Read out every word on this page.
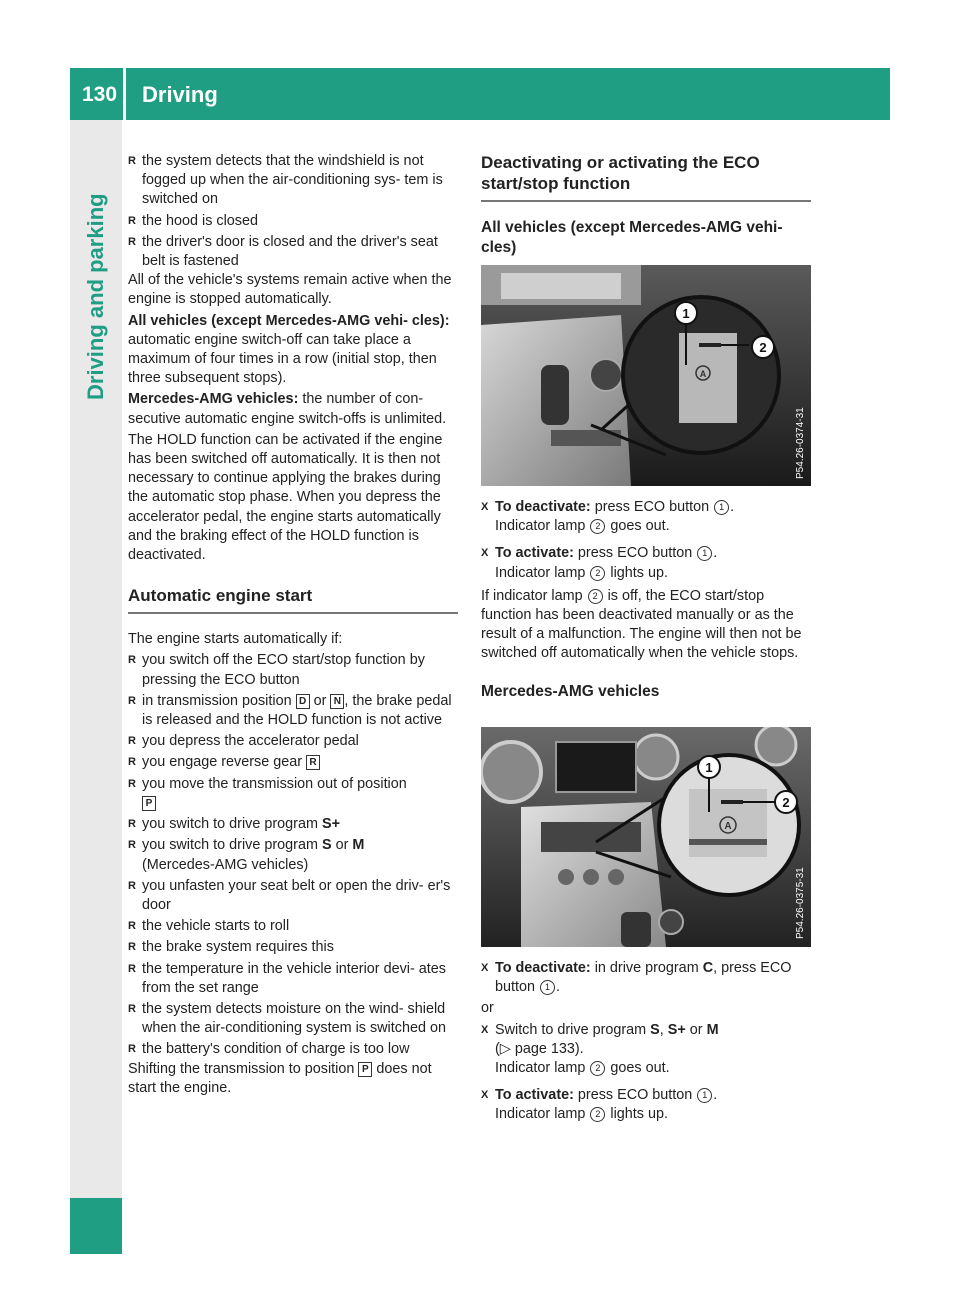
130 Driving
Driving and parking

R the system detects that the windshield is not fogged up when the air-conditioning sys- tem is switched on

R the hood is closed

R the driver's door is closed and the driver's seat belt is fastened

All of the vehicle's systems remain active when the engine is stopped automatically.

All vehicles (except Mercedes-AMG vehi- cles): automatic engine switch-off can take place a maximum of four times in a row (initial stop, then three subsequent stops).

Mercedes-AMG vehicles: the number of con- secutive automatic engine switch-offs is unlimited.

The HOLD function can be activated if the engine has been switched off automatically. It is then not necessary to continue applying the brakes during the automatic stop phase. When you depress the accelerator pedal, the engine starts automatically and the braking effect of the HOLD function is deactivated.

Automatic engine start

The engine starts automatically if:

R you switch off the ECO start/stop function by pressing the ECO button

R in transmission position D or N , the brake pedal is released and the HOLD function is not active

R you depress the accelerator pedal

R you engage reverse gear R

R you move the transmission out of position
P

R you switch to drive program S+

R you switch to drive program S or M
(Mercedes-AMG vehicles)

R you unfasten your seat belt or open the driv- er's door

R the vehicle starts to roll

R the brake system requires this

R the temperature in the vehicle interior devi- ates from the set range

R the system detects moisture on the wind- shield when the air-conditioning system is switched on

R the battery's condition of charge is too low

Shifting the transmission to position P does not start the engine.

Deactivating or activating the ECO start/stop function

All vehicles (except Mercedes-AMG vehi- cles)

1
2
A
P54.26-0374-31

X To deactivate: press ECO button 1 .
Indicator lamp 2 goes out.

X To activate: press ECO button 1 .
Indicator lamp 2 lights up.

If indicator lamp 2 is off, the ECO start/stop function has been deactivated manually or as the result of a malfunction. The engine will then not be switched off automatically when the vehicle stops.

Mercedes-AMG vehicles

1
2
A
P54.26-0375-31

X To deactivate: in drive program C, press ECO button 1 .

or

X Switch to drive program S, S+ or M
(▷ page 133).
Indicator lamp 2 goes out.

X To activate: press ECO button 1 .
Indicator lamp 2 lights up.
